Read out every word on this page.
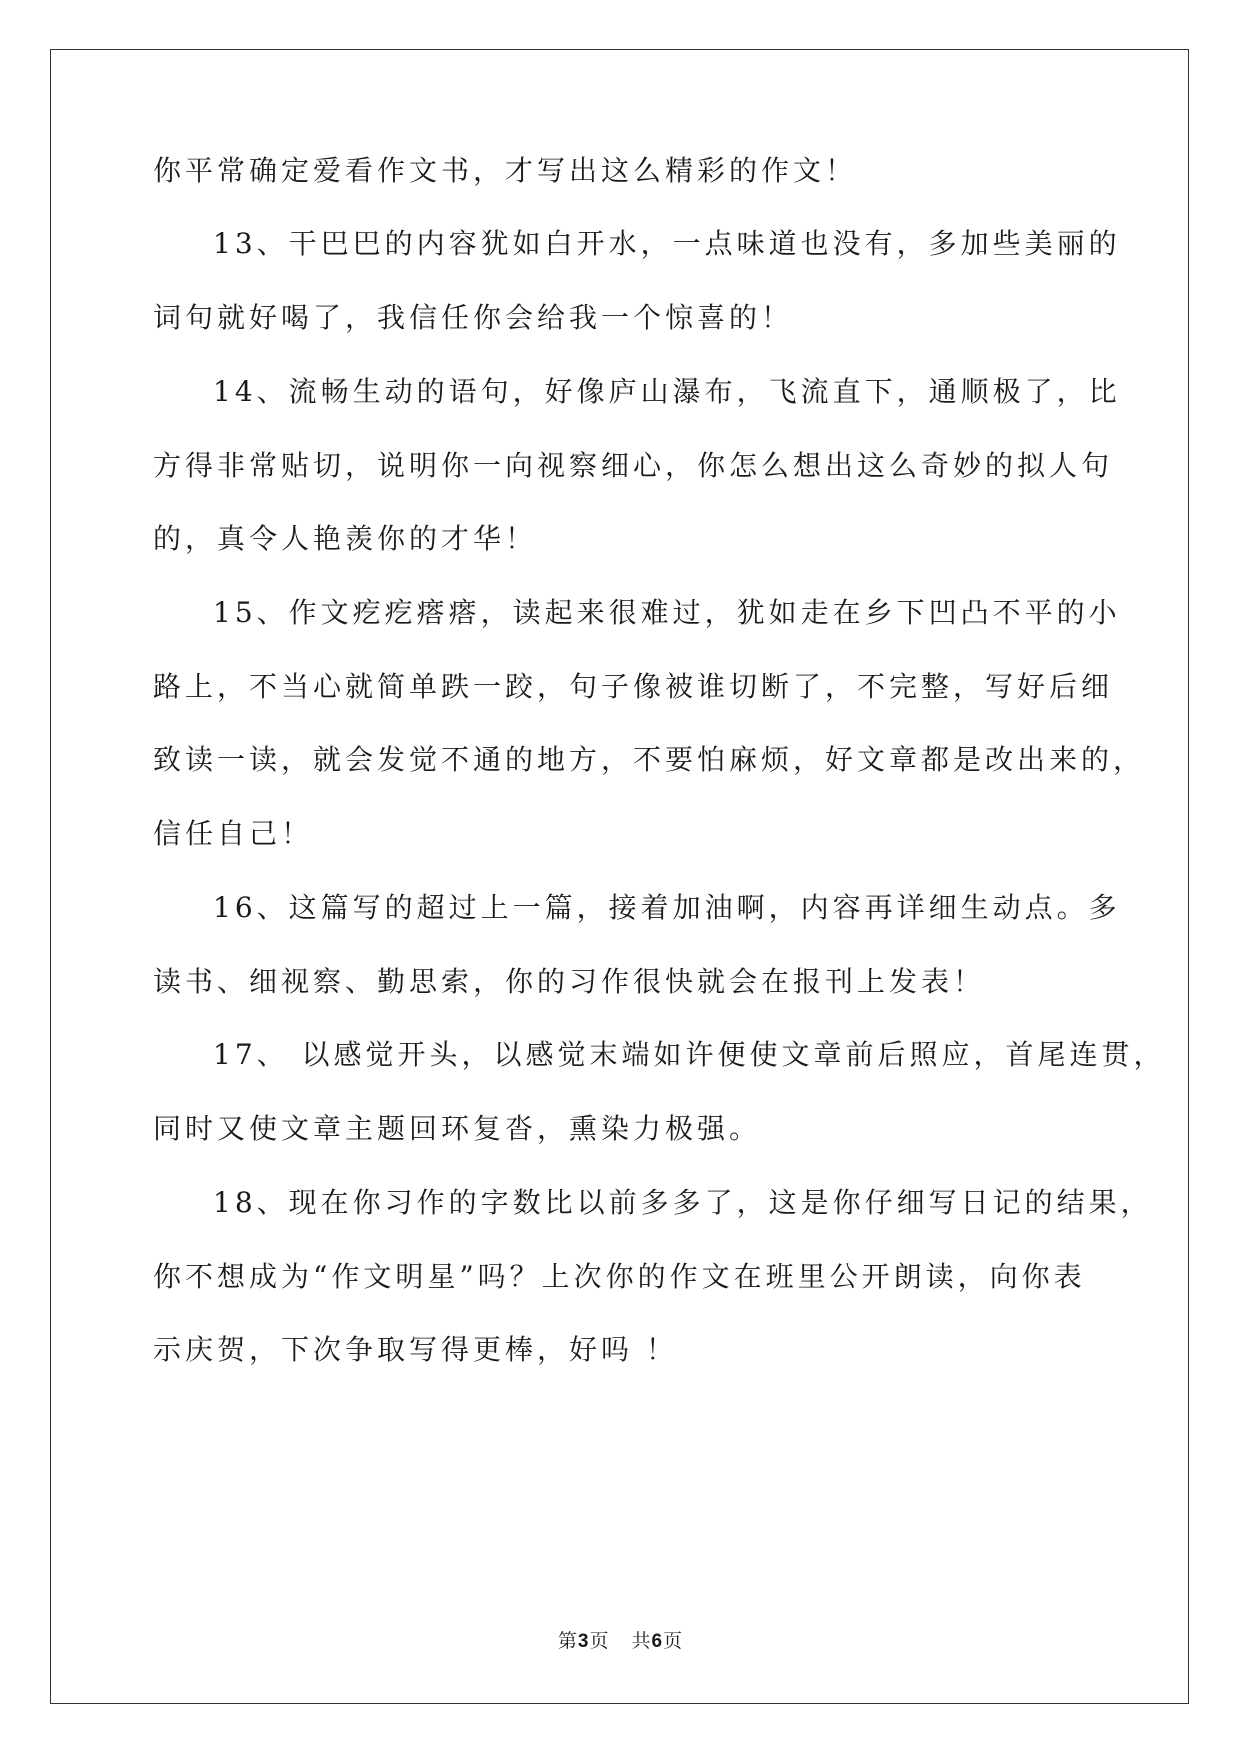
你平常确定爱看作文书，才写出这么精彩的作文！
13、干巴巴的内容犹如白开水，一点味道也没有，多加些美丽的
词句就好喝了，我信任你会给我一个惊喜的！
14、流畅生动的语句，好像庐山瀑布，飞流直下，通顺极了，比
方得非常贴切，说明你一向视察细心，你怎么想出这么奇妙的拟人句
的，真令人艳羡你的才华！
15、作文疙疙瘩瘩，读起来很难过，犹如走在乡下凹凸不平的小
路上，不当心就简单跌一跤，句子像被谁切断了，不完整，写好后细
致读一读，就会发觉不通的地方，不要怕麻烦，好文章都是改出来的，
信任自己！
16、这篇写的超过上一篇，接着加油啊，内容再详细生动点。多
读书、细视察、勤思索，你的习作很快就会在报刊上发表！
17、 以感觉开头，以感觉末端如许便使文章前后照应，首尾连贯，
同时又使文章主题回环复沓，熏染力极强。
18、现在你习作的字数比以前多多了，这是你仔细写日记的结果，
你不想成为“作文明星”吗？上次你的作文在班里公开朗读，向你表
示庆贺，下次争取写得更棒，好吗 ！
第3页 共6页
